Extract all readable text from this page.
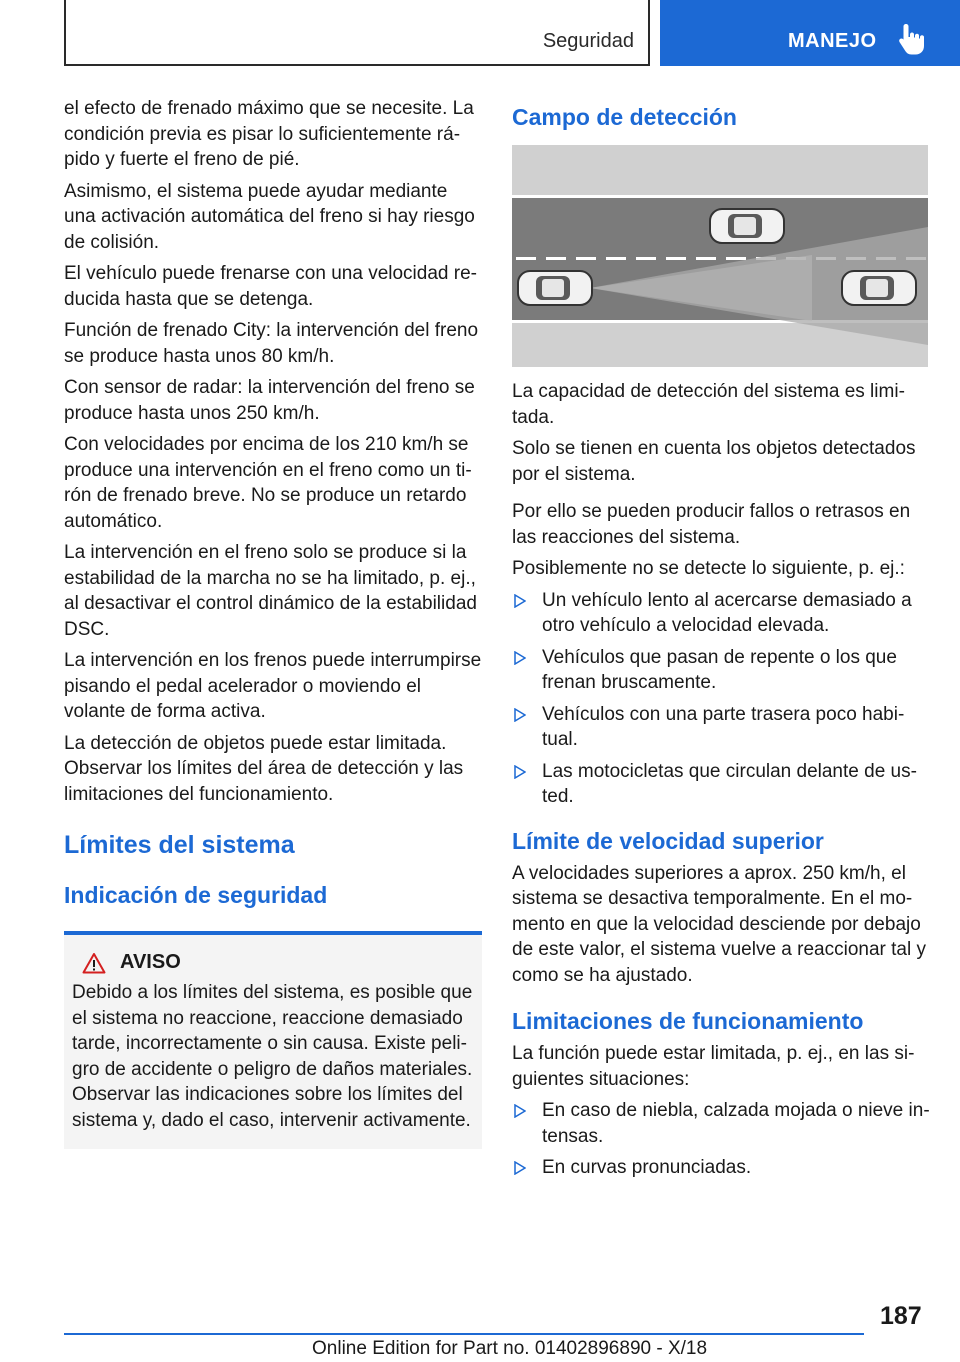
Seguridad	MANEJO

el efecto de frenado máximo que se necesite. La condición previa es pisar lo suficientemente rápido y fuerte el freno de pié.

Asimismo, el sistema puede ayudar mediante una activación automática del freno si hay riesgo de colisión.

El vehículo puede frenarse con una velocidad reducida hasta que se detenga.

Función de frenado City: la intervención del freno se produce hasta unos 80 km/h.

Con sensor de radar: la intervención del freno se produce hasta unos 250 km/h.

Con velocidades por encima de los 210 km/h se produce una intervención en el freno como un tirón de frenado breve. No se produce un retardo automático.

La intervención en el freno solo se produce si la estabilidad de la marcha no se ha limitado, p. ej., al desactivar el control dinámico de la estabilidad DSC.

La intervención en los frenos puede interrumpirse pisando el pedal acelerador o moviendo el volante de forma activa.

La detección de objetos puede estar limitada. Observar los límites del área de detección y las limitaciones del funcionamiento.

Límites del sistema
Indicación de seguridad
AVISO

Debido a los límites del sistema, es posible que el sistema no reaccione, reaccione demasiado tarde, incorrectamente o sin causa. Existe peligro de accidente o peligro de daños materiales. Observar las indicaciones sobre los límites del sistema y, dado el caso, intervenir activamente.

Campo de detección

La capacidad de detección del sistema es limitada.

Solo se tienen en cuenta los objetos detectados por el sistema.

Por ello se pueden producir fallos o retrasos en las reacciones del sistema.

Posiblemente no se detecte lo siguiente, p. ej.:

Un vehículo lento al acercarse demasiado a otro vehículo a velocidad elevada.
Vehículos que pasan de repente o los que frenan bruscamente.
Vehículos con una parte trasera poco habitual.
Las motocicletas que circulan delante de usted.
Límite de velocidad superior

A velocidades superiores a aprox. 250 km/h, el sistema se desactiva temporalmente. En el momento en que la velocidad desciende por debajo de este valor, el sistema vuelve a reaccionar tal y como se ha ajustado.

Limitaciones de funcionamiento

La función puede estar limitada, p. ej., en las siguientes situaciones:

En caso de niebla, calzada mojada o nieve intensas.
En curvas pronunciadas.
187
Online Edition for Part no. 01402896890 - X/18
